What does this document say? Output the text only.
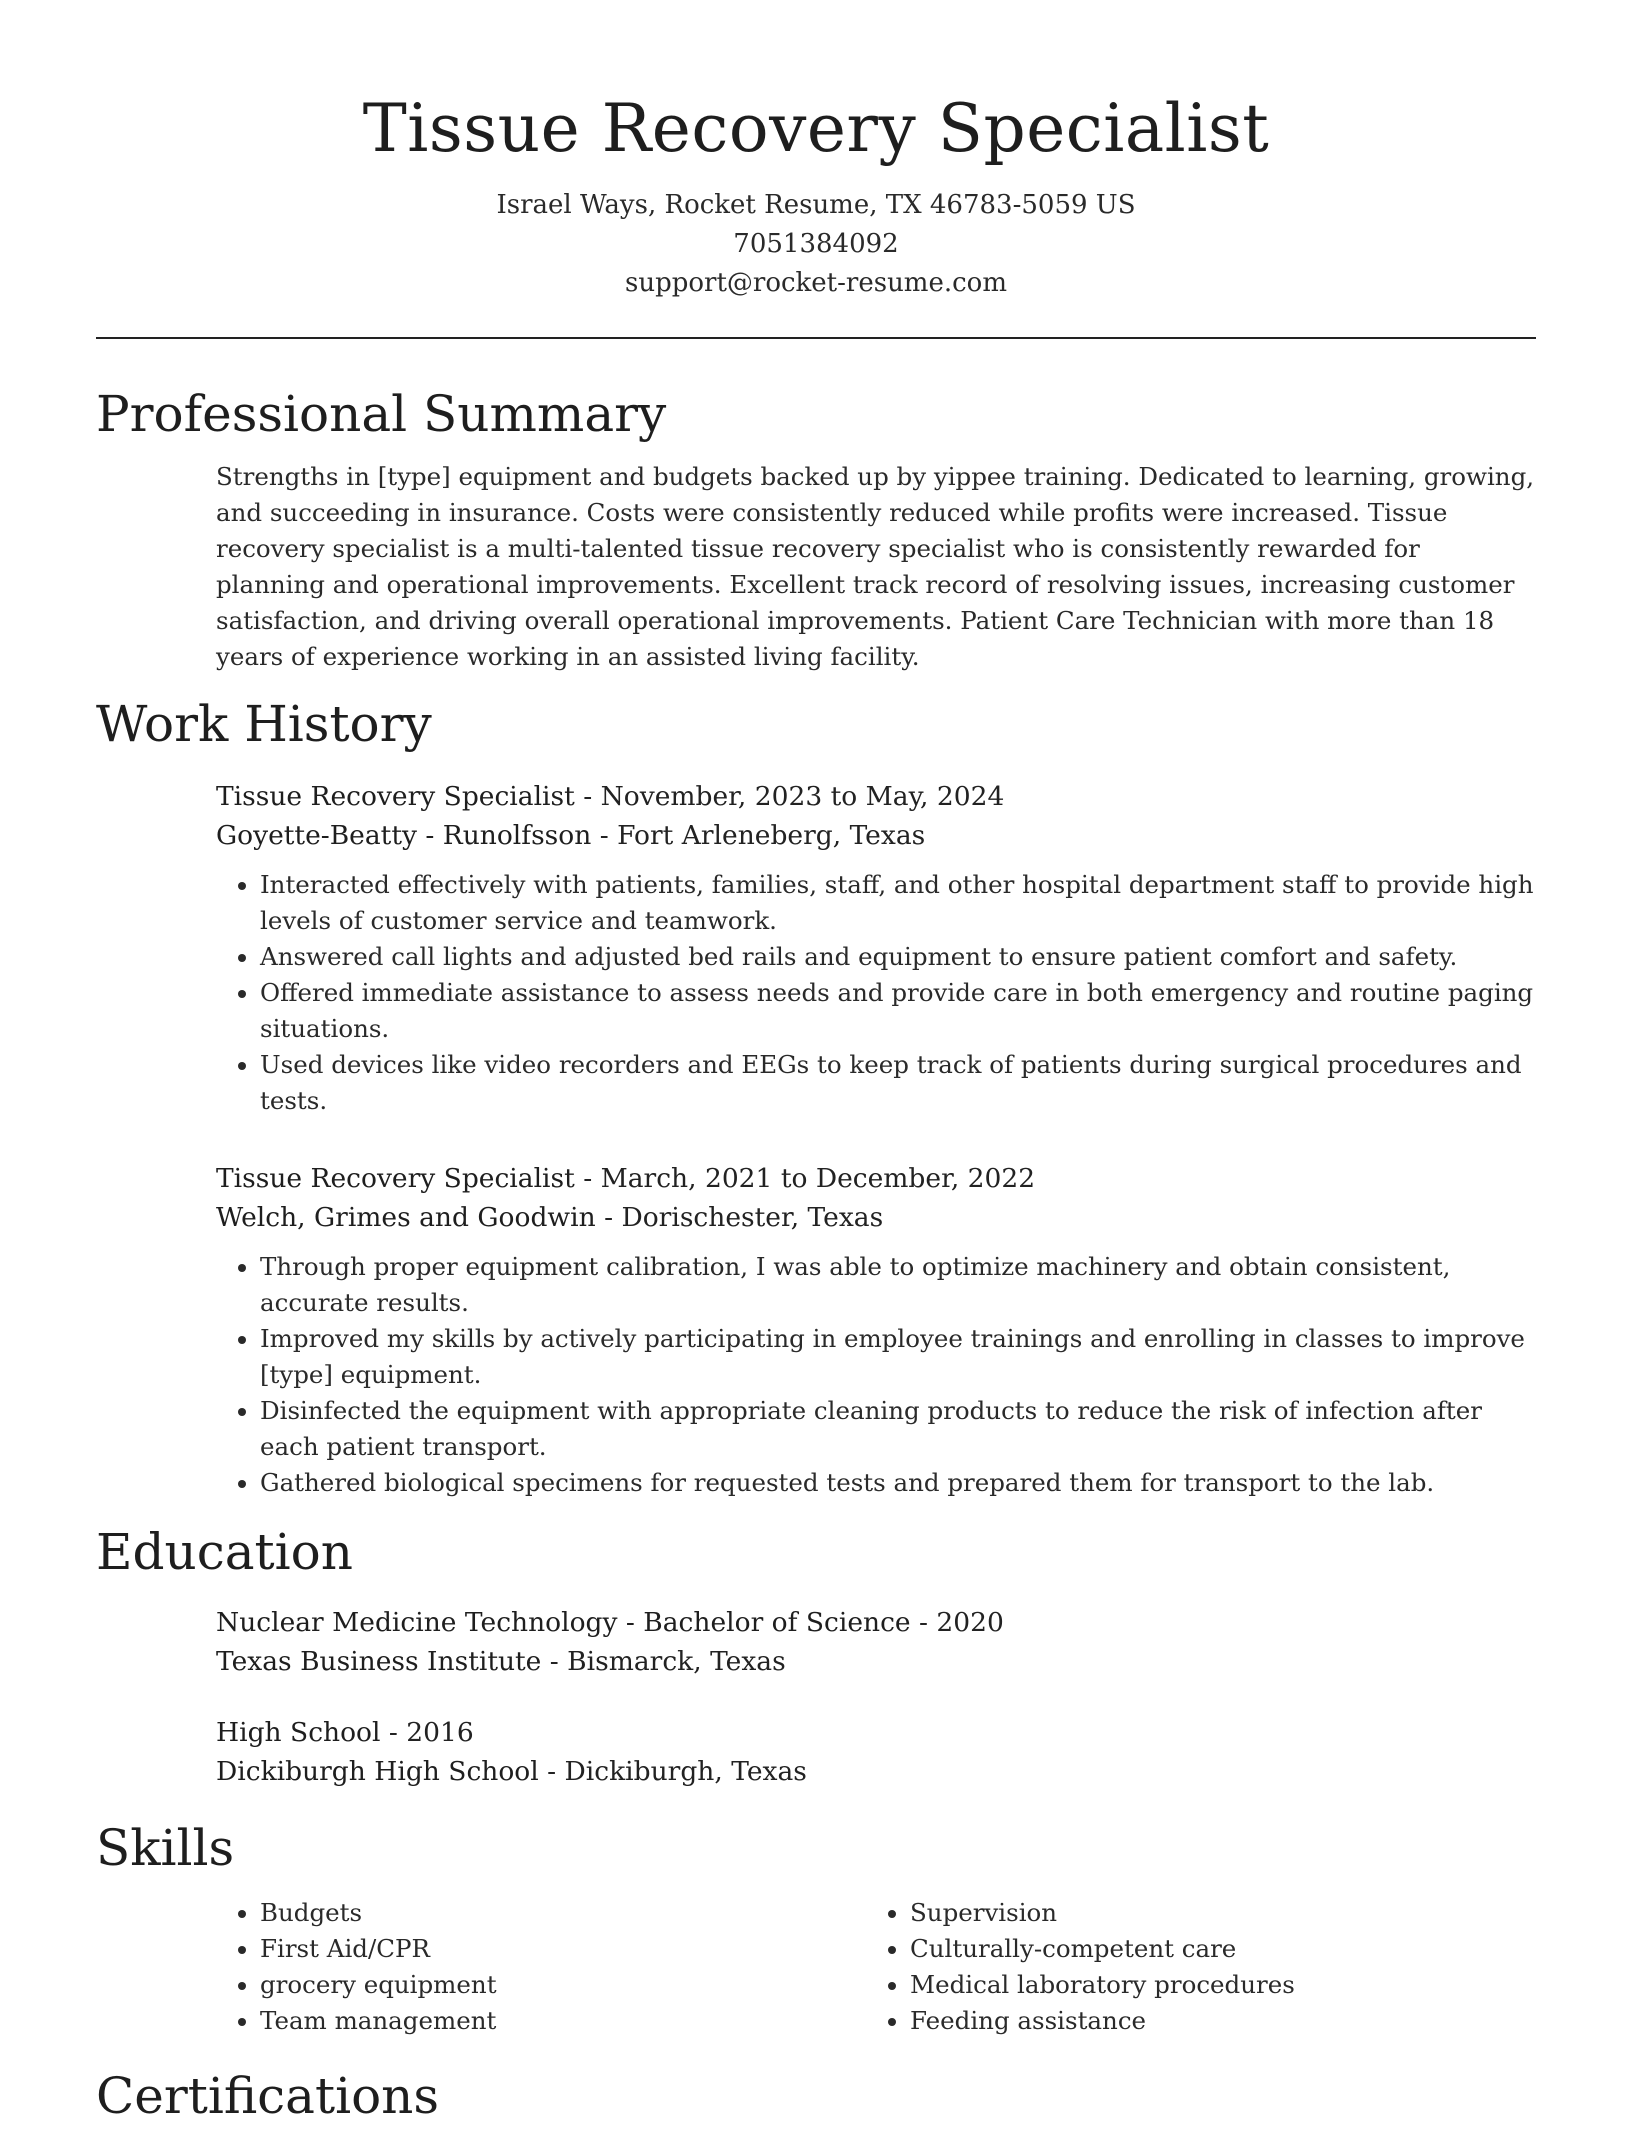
Tissue Recovery Specialist
Israel Ways, Rocket Resume, TX 46783-5059 US
7051384092
support@rocket-resume.com
Professional Summary
Strengths in [type] equipment and budgets backed up by yippee training. Dedicated to learning, growing, and succeeding in insurance. Costs were consistently reduced while profits were increased. Tissue recovery specialist is a multi-talented tissue recovery specialist who is consistently rewarded for planning and operational improvements. Excellent track record of resolving issues, increasing customer satisfaction, and driving overall operational improvements. Patient Care Technician with more than 18 years of experience working in an assisted living facility.
Work History
Tissue Recovery Specialist - November, 2023 to May, 2024
Goyette-Beatty - Runolfsson - Fort Arleneberg, Texas
• Interacted effectively with patients, families, staff, and other hospital department staff to provide high levels of customer service and teamwork.
• Answered call lights and adjusted bed rails and equipment to ensure patient comfort and safety.
• Offered immediate assistance to assess needs and provide care in both emergency and routine paging situations.
• Used devices like video recorders and EEGs to keep track of patients during surgical procedures and tests.
Tissue Recovery Specialist - March, 2021 to December, 2022
Welch, Grimes and Goodwin - Dorischester, Texas
• Through proper equipment calibration, I was able to optimize machinery and obtain consistent, accurate results.
• Improved my skills by actively participating in employee trainings and enrolling in classes to improve [type] equipment.
• Disinfected the equipment with appropriate cleaning products to reduce the risk of infection after each patient transport.
• Gathered biological specimens for requested tests and prepared them for transport to the lab.
Education
Nuclear Medicine Technology - Bachelor of Science - 2020
Texas Business Institute - Bismarck, Texas
High School - 2016
Dickiburgh High School - Dickiburgh, Texas
Skills
• Budgets
• First Aid/CPR
• grocery equipment
• Team management
• Supervision
• Culturally-competent care
• Medical laboratory procedures
• Feeding assistance
Certifications
